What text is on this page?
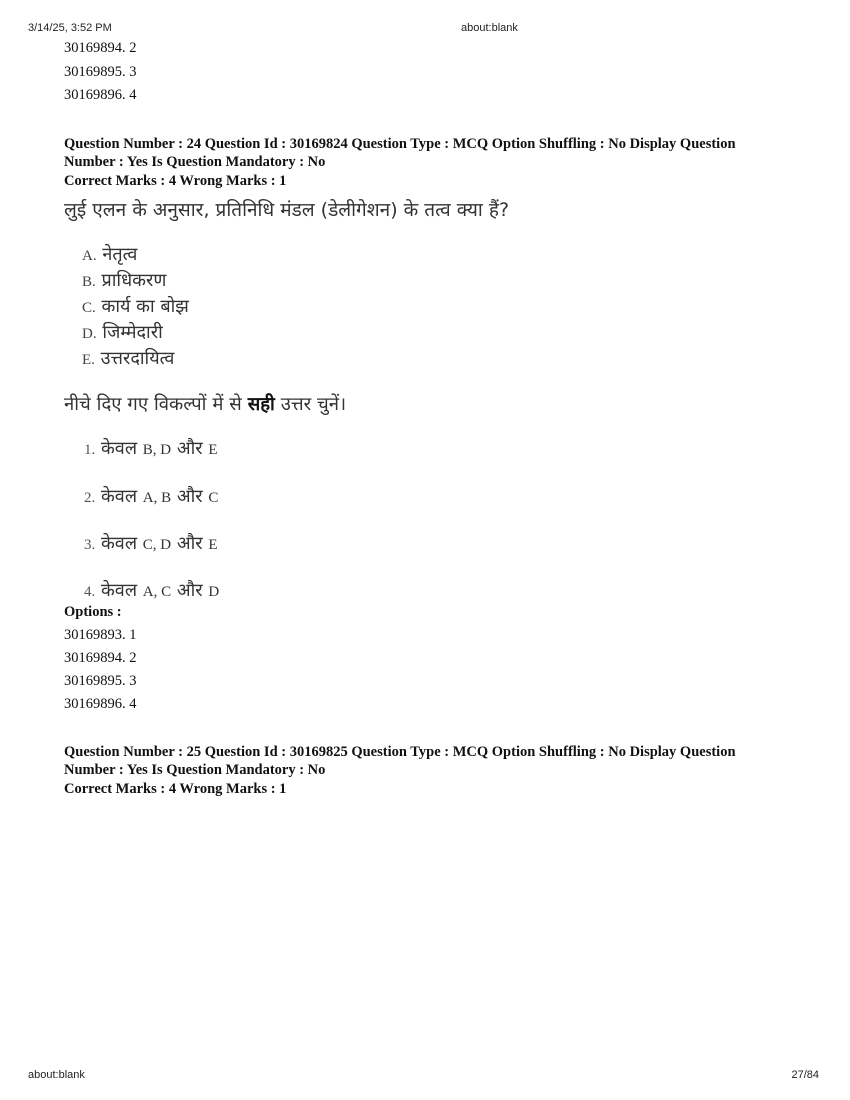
3/14/25, 3:52 PM	about:blank
about:blank	27/84
30169894. 2
30169895. 3
30169896. 4
Question Number : 24 Question Id : 30169824 Question Type : MCQ Option Shuffling : No Display Question Number : Yes Is Question Mandatory : No
Correct Marks : 4 Wrong Marks : 1
लुई एलन के अनुसार, प्रतिनिधि मंडल (डेलीगेशन) के तत्व क्या हैं?
A. नेतृत्व
B. प्राधिकरण
C. कार्य का बोझ
D. जिम्मेदारी
E. उत्तरदायित्व
नीचे दिए गए विकल्पों में से सही उत्तर चुनें।
1. केवल B, D और E
2. केवल A, B और C
3. केवल C, D और E
4. केवल A, C और D
Options :
30169893. 1
30169894. 2
30169895. 3
30169896. 4
Question Number : 25 Question Id : 30169825 Question Type : MCQ Option Shuffling : No Display Question Number : Yes Is Question Mandatory : No
Correct Marks : 4 Wrong Marks : 1
